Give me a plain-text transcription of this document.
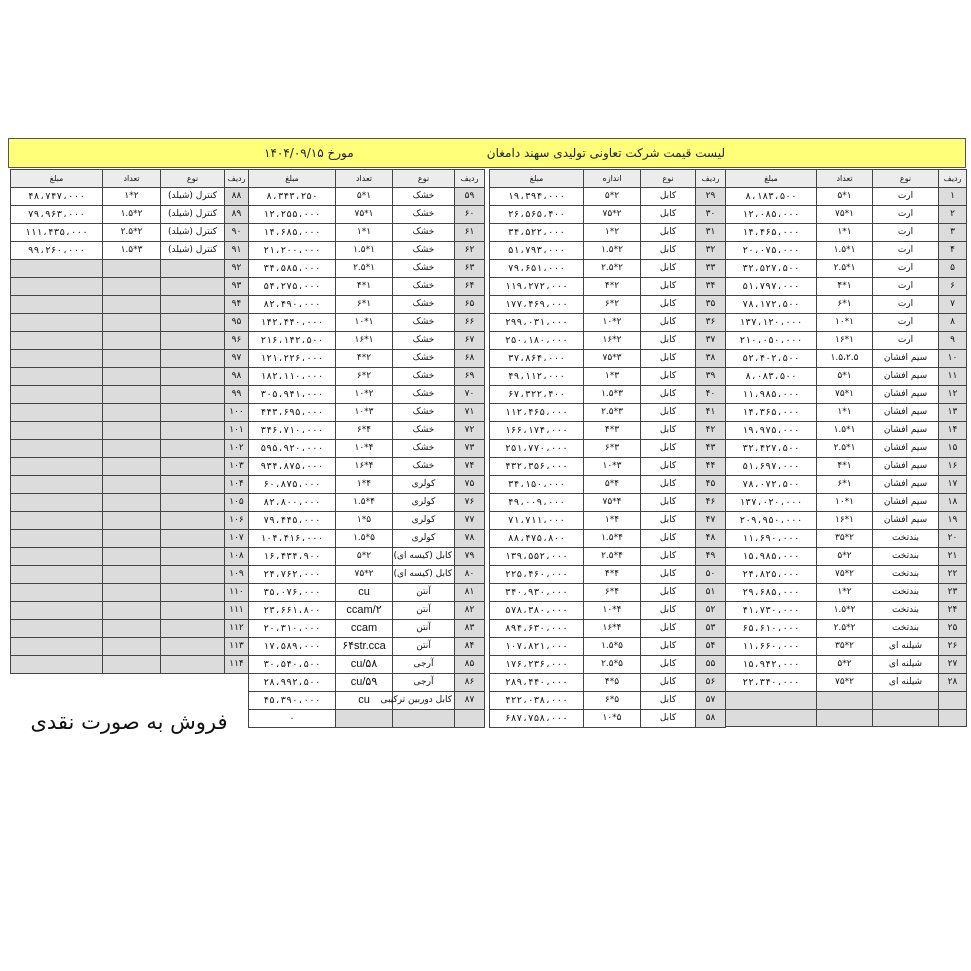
لیست قیمت شرکت تعاونی تولیدی سهند دامغان
مورخ ۱۴۰۴/۰۹/۱۵
ردیف	نوع	تعداد	مبلغ
۱	ارت	۱*۵	۸،۱۸۳،۵۰۰
۲	ارت	۱*۷۵	۱۲،۰۸۵،۰۰۰
۳	ارت	۱*۱	۱۴،۴۶۵،۰۰۰
۴	ارت	۱*۱.۵	۲۰،۰۷۵،۰۰۰
۵	ارت	۱*۲.۵	۳۲،۵۲۷،۵۰۰
۶	ارت	۱*۴	۵۱،۷۹۷،۰۰۰
۷	ارت	۱*۶	۷۸،۱۷۲،۵۰۰
۸	ارت	۱*۱۰	۱۳۷،۱۲۰،۰۰۰
۹	ارت	۱*۱۶	۲۱۰،۰۵۰،۰۰۰
۱۰	سیم افشان	۱.۵،۲.۵	۵۲،۴۰۲،۵۰۰
۱۱	سیم افشان	۱*۵	۸،۰۸۳،۵۰۰
۱۲	سیم افشان	۱*۷۵	۱۱،۹۸۵،۰۰۰
۱۳	سیم افشان	۱*۱	۱۴،۳۶۵،۰۰۰
۱۴	سیم افشان	۱*۱.۵	۱۹،۹۷۵،۰۰۰
۱۵	سیم افشان	۱*۲.۵	۳۲،۴۲۷،۵۰۰
۱۶	سیم افشان	۱*۴	۵۱،۶۹۷،۰۰۰
۱۷	سیم افشان	۱*۶	۷۸،۰۷۲،۵۰۰
۱۸	سیم افشان	۱*۱۰	۱۳۷،۰۲۰،۰۰۰
۱۹	سیم افشان	۱*۱۶	۲۰۹،۹۵۰،۰۰۰
۲۰	بندتخت	۲*۳۵	۱۱،۶۹۰،۰۰۰
۲۱	بندتخت	۲*۵	۱۵،۹۸۵،۰۰۰
۲۲	بندتخت	۲*۷۵	۲۴،۸۲۵،۰۰۰
۲۳	بندتخت	۲*۱	۲۹،۶۸۵،۰۰۰
۲۴	بندتخت	۲*۱.۵	۴۱،۷۳۰،۰۰۰
۲۵	بندتخت	۲*۲.۵	۶۵،۶۱۰،۰۰۰
۲۶	شیلنه ای	۲*۳۵	۱۱،۶۶۰،۰۰۰
۲۷	شیلنه ای	۲*۵	۱۵،۹۴۲،۰۰۰
۲۸	شیلنه ای	۲*۷۵	۲۲،۳۴۰،۰۰۰

ردیف	نوع	اندازه	مبلغ
۲۹	کابل	۲*۵	۱۹،۳۹۴،۰۰۰
۳۰	کابل	۲*۷۵	۲۶،۵۶۵،۴۰۰
۳۱	کابل	۲*۱	۳۴،۵۲۲،۰۰۰
۳۲	کابل	۲*۱.۵	۵۱،۷۹۳،۰۰۰
۳۳	کابل	۲*۲.۵	۷۹،۶۵۱،۰۰۰
۳۴	کابل	۲*۴	۱۱۹،۲۷۲،۰۰۰
۳۵	کابل	۲*۶	۱۷۷،۴۶۹،۰۰۰
۳۶	کابل	۲*۱۰	۲۹۹،۰۳۱،۰۰۰
۳۷	کابل	۲*۱۶	۲۵۰،۱۸۰،۰۰۰
۳۸	کابل	۳*۷۵	۳۷،۸۶۴،۰۰۰
۳۹	کابل	۳*۱	۴۹،۱۱۲،۰۰۰
۴۰	کابل	۳*۱.۵	۶۷،۳۲۲،۴۰۰
۴۱	کابل	۳*۲.۵	۱۱۲،۴۶۵،۰۰۰
۴۲	کابل	۳*۴	۱۶۶،۱۷۴،۰۰۰
۴۳	کابل	۳*۶	۲۵۱،۷۷۰،۰۰۰
۴۴	کابل	۳*۱۰	۴۳۲،۳۵۶،۰۰۰
۴۵	کابل	۴*۵	۳۴،۱۵۰،۰۰۰
۴۶	کابل	۴*۷۵	۴۹،۰۰۹،۰۰۰
۴۷	کابل	۴*۱	۷۱،۷۱۱،۰۰۰
۴۸	کابل	۴*۱.۵	۸۸،۴۷۵،۸۰۰
۴۹	کابل	۴*۲.۵	۱۳۹،۵۵۲،۰۰۰
۵۰	کابل	۴*۴	۲۲۵،۴۶۰،۰۰۰
۵۱	کابل	۴*۶	۳۴۰،۹۳۰،۰۰۰
۵۲	کابل	۴*۱۰	۵۷۸،۳۸۰،۰۰۰
۵۳	کابل	۴*۱۶	۸۹۴،۶۳۰،۰۰۰
۵۴	کابل	۵*۱.۵	۱۰۷،۸۲۱،۰۰۰
۵۵	کابل	۵*۲.۵	۱۷۶،۲۳۶،۰۰۰
۵۶	کابل	۵*۴	۲۸۹،۴۴۰،۰۰۰
۵۷	کابل	۵*۶	۴۲۲،۰۳۸،۰۰۰
۵۸	کابل	۵*۱۰	۶۸۷،۷۵۸،۰۰۰
ردیف	نوع	تعداد	مبلغ
۵۹	خشک	۱*۵	۸،۳۴۳،۲۵۰
۶۰	خشک	۱*۷۵	۱۲،۲۵۵،۰۰۰
۶۱	خشک	۱*۱	۱۴،۶۸۵،۰۰۰
۶۲	خشک	۱*۱.۵	۲۱،۲۰۰،۰۰۰
۶۳	خشک	۱*۲.۵	۳۴،۵۸۵،۰۰۰
۶۴	خشک	۱*۴	۵۴،۲۷۵،۰۰۰
۶۵	خشک	۱*۶	۸۲،۴۹۰،۰۰۰
۶۶	خشک	۱*۱۰	۱۴۲،۴۴۰،۰۰۰
۶۷	خشک	۱*۱۶	۲۱۶،۱۴۲،۵۰۰
۶۸	خشک	۲*۴	۱۲۱،۲۲۶،۰۰۰
۶۹	خشک	۲*۶	۱۸۲،۱۱۰،۰۰۰
۷۰	خشک	۲*۱۰	۳۰۵،۹۴۱،۰۰۰
۷۱	خشک	۳*۱۰	۴۴۳،۶۹۵،۰۰۰
۷۲	خشک	۴*۶	۳۴۶،۷۱۰،۰۰۰
۷۳	خشک	۴*۱۰	۵۹۵،۹۲۰،۰۰۰
۷۴	خشک	۴*۱۶	۹۳۴،۸۷۵،۰۰۰
۷۵	کولری	۴*۱	۶۰،۸۷۵،۰۰۰
۷۶	کولری	۴*۱.۵	۸۲،۸۰۰،۰۰۰
۷۷	کولری	۵*۱	۷۹،۴۴۵،۰۰۰
۷۸	کولری	۵*۱.۵	۱۰۴،۴۱۶،۰۰۰
۷۹	کابل (کیسه ای)	۲*۵	۱۶،۴۳۴،۹۰۰
۸۰	کابل (کیسه ای)	۲*۷۵	۲۴،۷۶۲،۰۰۰
۸۱	آنتن	cu	۳۵،۰۷۶،۰۰۰
۸۲	آنتن	ccam/۲	۲۳،۶۶۱،۸۰۰
۸۳	آنتن	ccam	۲۰،۳۱۰،۰۰۰
۸۴	آنتن	۶۴str.cca	۱۷،۵۸۹،۰۰۰
۸۵	آرجی	cu/۵۸	۳۰،۵۴۰،۵۰۰
۸۶	آرجی	cu/۵۹	۲۸،۹۹۲،۵۰۰
۸۷	کابل دوربین ترکیبی	cu	۴۵،۳۹۰،۰۰۰
			۰
ردیف	نوع	تعداد	مبلغ
۸۸	کنترل (شیلد)	۲*۱	۴۸،۷۴۷،۰۰۰
۸۹	کنترل (شیلد)	۲*۱.۵	۷۹،۹۶۳،۰۰۰
۹۰	کنترل (شیلد)	۲*۲.۵	۱۱۱،۴۳۵،۰۰۰
۹۱	کنترل (شیلد)	۳*۱.۵	۹۹،۲۶۰،۰۰۰
۹۲			
۹۳			
۹۴			
۹۵			
۹۶			
۹۷			
۹۸			
۹۹			
۱۰۰			
۱۰۱			
۱۰۲			
۱۰۳			
۱۰۴			
۱۰۵			
۱۰۶			
۱۰۷			
۱۰۸			
۱۰۹			
۱۱۰			
۱۱۱			
۱۱۲			
۱۱۳			
۱۱۴			
فروش به صورت نقدی
